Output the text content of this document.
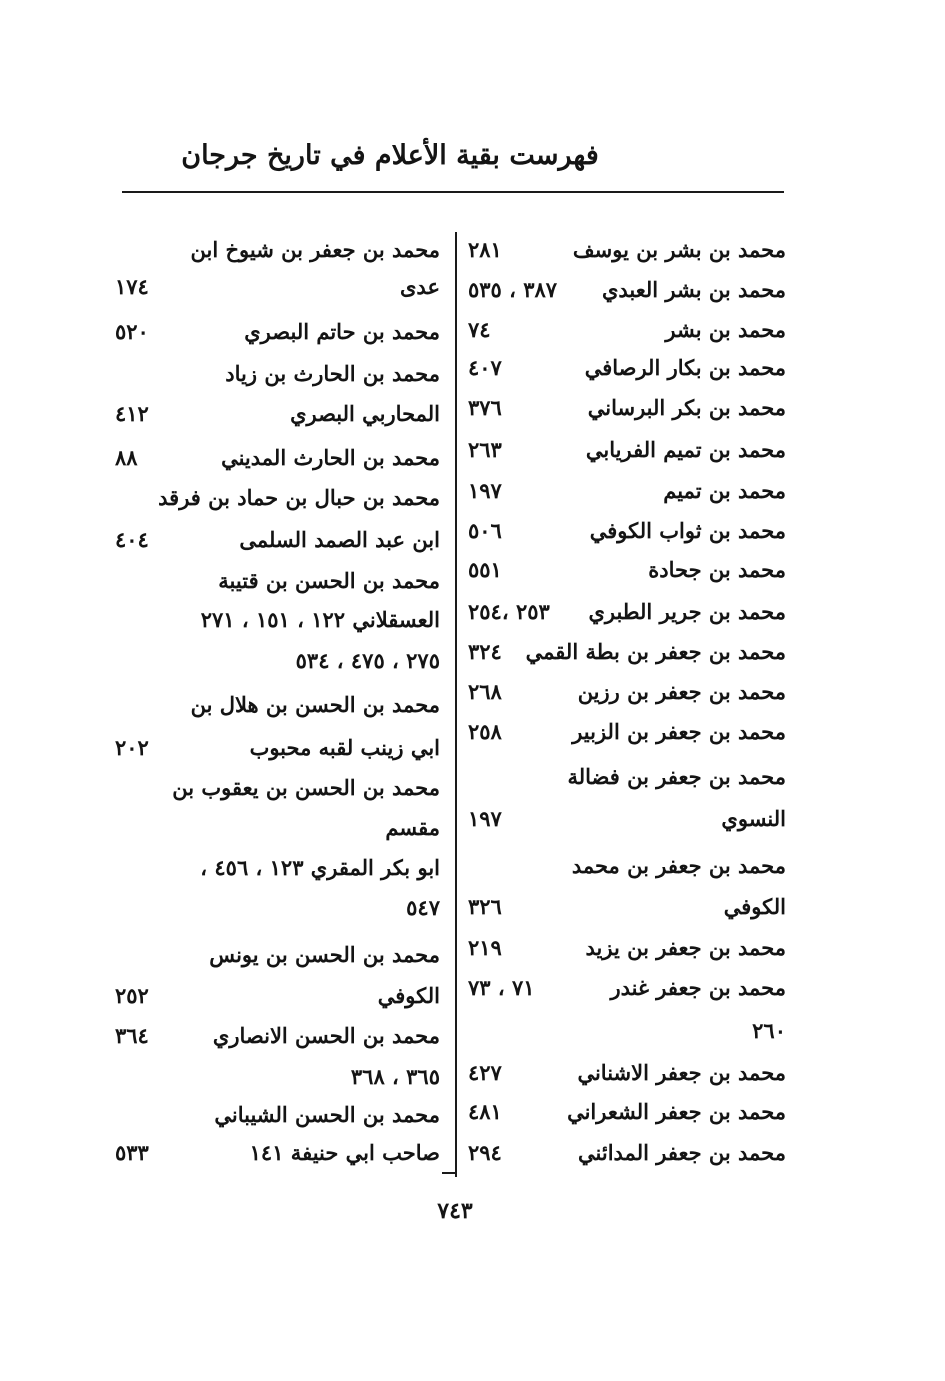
فهرست بقية الأعلام في تاريخ جرجان
محمد بن بشر بن يوسف
٢٨١
محمد بن بشر العبدي
٣٨٧ ، ٥٣٥
محمد بن بشر
٧٤
محمد بن بكار الرصافي
٤٠٧
محمد بن بكر البرساني
٣٧٦
محمد بن تميم الفريابي
٢٦٣
محمد بن تميم
١٩٧
محمد بن ثواب الكوفي
٥٠٦
محمد بن جحادة
٥٥١
محمد بن جرير الطبري
٢٥٣ ،٢٥٤
محمد بن جعفر بن بطة القمي
٣٢٤
محمد بن جعفر بن رزين
٢٦٨
محمد بن جعفر بن الزبير
٢٥٨
محمد بن جعفر بن فضالة
النسوي
١٩٧
محمد بن جعفر بن محمد
الكوفي
٣٢٦
محمد بن جعفر بن يزيد
٢١٩
محمد بن جعفر غندر
٧١ ، ٧٣
٢٦٠
محمد بن جعفر الاشناني
٤٢٧
محمد بن جعفر الشعراني
٤٨١
محمد بن جعفر المدائني
٢٩٤
محمد بن جعفر بن شيوخ ابن
عدى
١٧٤
محمد بن حاتم البصري
٥٢٠
محمد بن الحارث بن زياد
المحاربي البصري
٤١٢
محمد بن الحارث المديني
٨٨
محمد بن حبال بن حماد بن فرقد
ابن عبد الصمد السلمى
٤٠٤
محمد بن الحسن بن قتيبة
العسقلاني ١٢٢ ، ١٥١ ، ٢٧١
٢٧٥ ، ٤٧٥ ، ٥٣٤
محمد بن الحسن بن هلال بن
ابي زينب لقبه محبوب
٢٠٢
محمد بن الحسن بن يعقوب بن
مقسم
ابو بكر المقري ١٢٣ ، ٤٥٦ ،
٥٤٧
محمد بن الحسن بن يونس
الكوفي
٢٥٢
محمد بن الحسن الانصاري
٣٦٤
٣٦٥ ، ٣٦٨
محمد بن الحسن الشيباني
صاحب ابي حنيفة ١٤١
٥٣٣
٧٤٣
